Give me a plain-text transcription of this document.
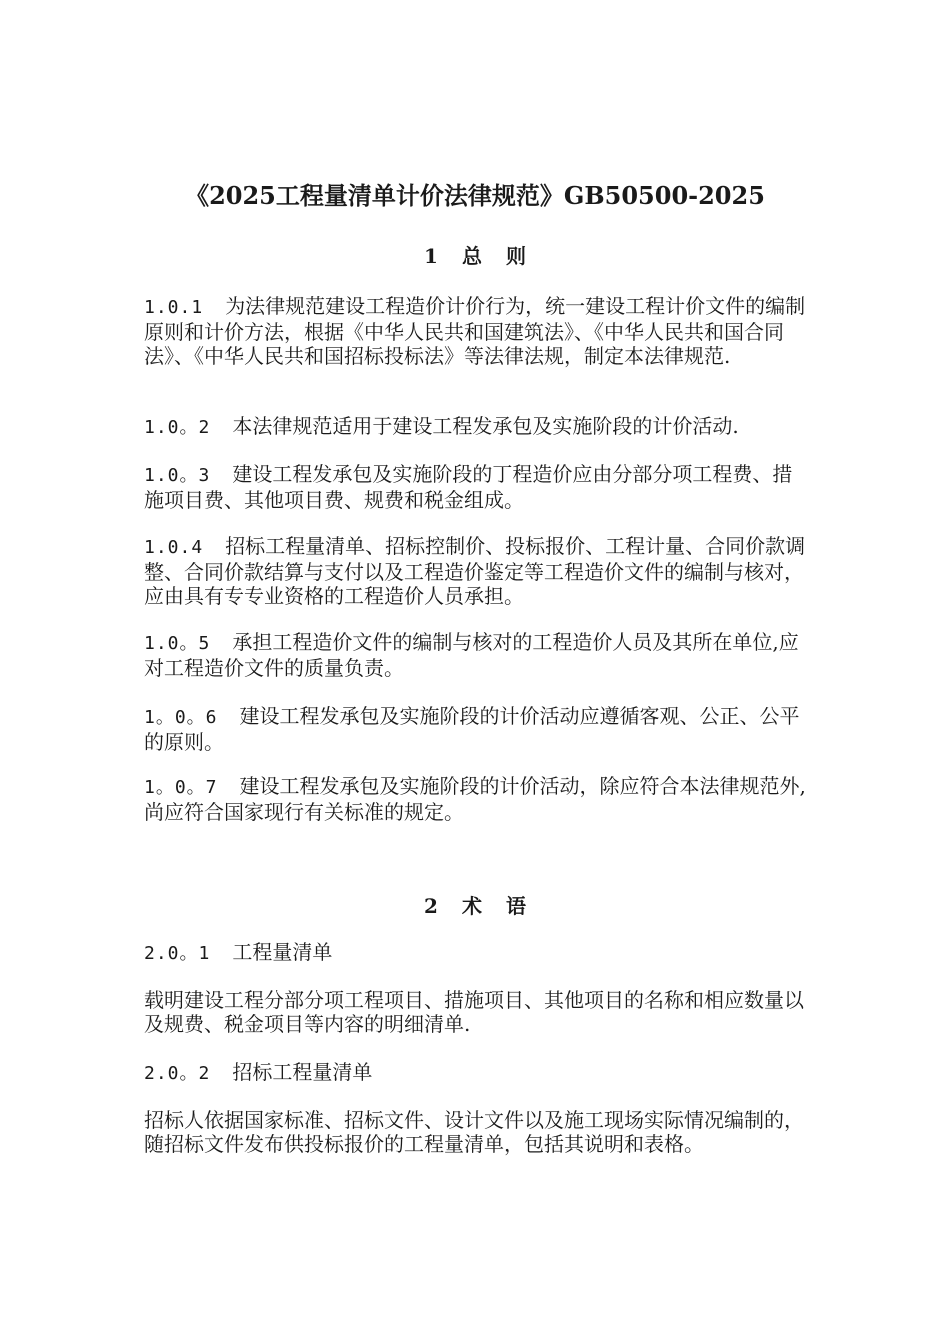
《2025工程量清单计价法律规范》GB50500-2025
1 总 则

1.0.1 为法律规范建设工程造价计价行为，统一建设工程计价文件的编制原则和计价方法，根据《中华人民共和国建筑法》、《中华人民共和国合同法》、《中华人民共和国招标投标法》等法律法规，制定本法律规范.

1.0。2 本法律规范适用于建设工程发承包及实施阶段的计价活动.

1.0。3 建设工程发承包及实施阶段的丁程造价应由分部分项工程费、措施项目费、其他项目费、规费和税金组成。

1.0.4 招标工程量清单、招标控制价、投标报价、工程计量、合同价款调整、合同价款结算与支付以及工程造价鉴定等工程造价文件的编制与核对，应由具有专专业资格的工程造价人员承担。

1.0。5 承担工程造价文件的编制与核对的工程造价人员及其所在单位,应对工程造价文件的质量负责。

1。0。6 建设工程发承包及实施阶段的计价活动应遵循客观、公正、公平的原则。

1。0。7 建设工程发承包及实施阶段的计价活动，除应符合本法律规范外,尚应符合国家现行有关标准的规定。

2 术 语

2.0。1 工程量清单

载明建设工程分部分项工程项目、措施项目、其他项目的名称和相应数量以及规费、税金项目等内容的明细清单.

2.0。2 招标工程量清单

招标人依据国家标准、招标文件、设计文件以及施工现场实际情况编制的，随招标文件发布供投标报价的工程量清单，包括其说明和表格。
